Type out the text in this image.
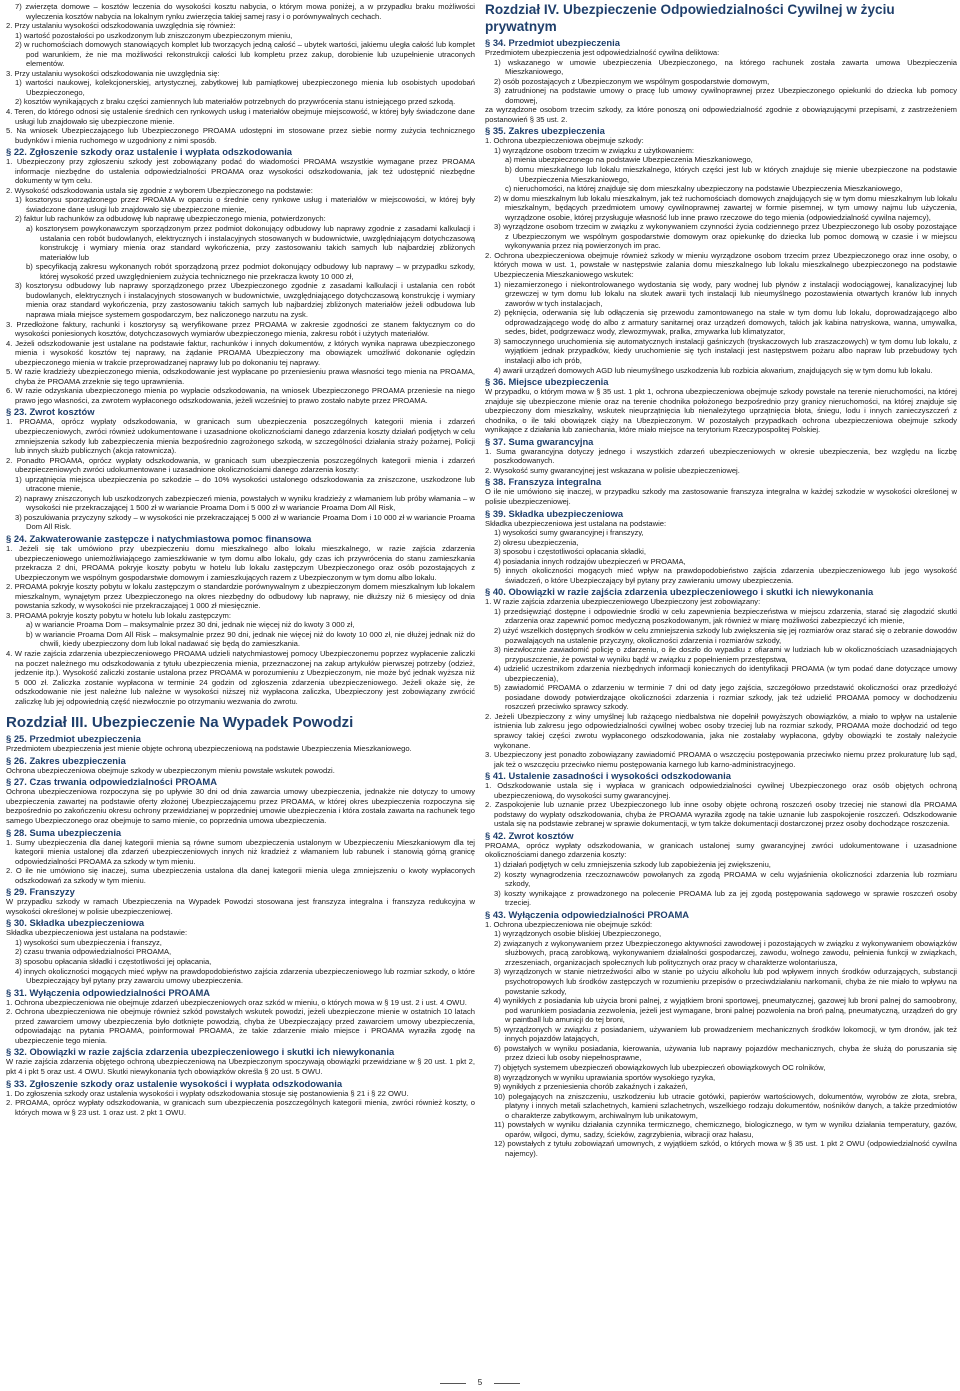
7) zwierzęta domowe – kosztów leczenia do wysokości kosztu nabycia, o którym mowa poniżej, a w przypadku braku możliwości wyleczenia kosztów nabycia na lokalnym rynku zwierzęcia takiej samej rasy i o porównywalnych cechach.

2. Przy ustalaniu wysokości odszkodowania uwzględnia się również:

1) wartość pozostałości po uszkodzonym lub zniszczonym ubezpieczonym mieniu,

2) w ruchomościach domowych stanowiących komplet lub tworzących jedną całość – ubytek wartości, jakiemu uległa całość lub komplet pod warunkiem, że nie ma możliwości rekonstrukcji całości lub kompletu przez zakup, dorobienie lub uzupełnienie utraconych elementów.

3. Przy ustalaniu wysokości odszkodowania nie uwzględnia się:

1) wartości naukowej, kolekcjonerskiej, artystycznej, zabytkowej lub pamiątkowej ubezpieczonego mienia lub osobistych upodobań Ubezpieczonego,

2) kosztów wynikających z braku części zamiennych lub materiałów potrzebnych do przywrócenia stanu istniejącego przed szkodą.

4. Teren, do którego odnosi się ustalenie średnich cen rynkowych usług i materiałów obejmuje miejscowość, w której były świadczone dane usługi lub znajdowało się ubezpieczone mienie.

5. Na wniosek Ubezpieczającego lub Ubezpieczonego PROAMA udostępni im stosowane przez siebie normy zużycia technicznego budynków i mienia ruchomego w uzgodniony z nimi sposób.

§ 22. Zgłoszenie szkody oraz ustalenie i wypłata odszkodowania

1. Ubezpieczony przy zgłoszeniu szkody jest zobowiązany podać do wiadomości PROAMA wszystkie wymagane przez PROAMA informacje niezbędne do ustalenia odpowiedzialności PROAMA oraz wysokości odszkodowania, jak też udostępnić niezbędne dokumenty w tym celu.

2. Wysokość odszkodowania ustala się zgodnie z wyborem Ubezpieczonego na podstawie:

1) kosztorysu sporządzonego przez PROAMA w oparciu o średnie ceny rynkowe usług i materiałów w miejscowości, w której były świadczone dane usługi lub znajdowało się ubezpieczone mienie,

2) faktur lub rachunków za odbudowę lub naprawę ubezpieczonego mienia, potwierdzonych:

a) kosztorysem powykonawczym sporządzonym przez podmiot dokonujący odbudowy lub naprawy zgodnie z zasadami kalkulacji i ustalania cen robót budowlanych, elektrycznych i instalacyjnych stosowanych w budownictwie, uwzględniającym dotychczasową konstrukcję i wymiary mienia oraz standard wykończenia, przy zastosowaniu takich samych lub najbardziej zbliżonych materiałów lub

b) specyfikacją zakresu wykonanych robót sporządzoną przez podmiot dokonujący odbudowy lub naprawy – w przypadku szkody, której wysokość przed uwzględnieniem zużycia technicznego nie przekracza kwoty 10 000 zł,

3) kosztorysu odbudowy lub naprawy sporządzonego przez Ubezpieczonego zgodnie z zasadami kalkulacji i ustalania cen robót budowlanych, elektrycznych i instalacyjnych stosowanych w budownictwie, uwzględniającego dotychczasową konstrukcję i wymiary mienia oraz standard wykończenia, przy zastosowaniu takich samych lub najbardziej zbliżonych materiałów jeżeli odbudowa lub naprawa miała miejsce systemem gospodarczym, bez naliczonego narzutu na zysk.

3. Przedłożone faktury, rachunki i kosztorysy są weryfikowane przez PROAMA w zakresie zgodności ze stanem faktycznym co do wysokości poniesionych kosztów, dotychczasowych wymiarów ubezpieczonego mienia, zakresu robót i użytych materiałów.

4. Jeżeli odszkodowanie jest ustalane na podstawie faktur, rachunków i innych dokumentów, z których wynika naprawa ubezpieczonego mienia i wysokość kosztów tej naprawy, na żądanie PROAMA Ubezpieczony ma obowiązek umożliwić dokonanie oględzin ubezpieczonego mienia w trakcie przeprowadzanej naprawy lub po dokonaniu tej naprawy.

5. W razie kradzieży ubezpieczonego mienia, odszkodowanie jest wypłacane po przeniesieniu prawa własności tego mienia na PROAMA, chyba że PROAMA zrzeknie się tego uprawnienia.

6. W razie odzyskania ubezpieczonego mienia po wypłacie odszkodowania, na wniosek Ubezpieczonego PROAMA przeniesie na niego prawo jego własności, za zwrotem wypłaconego odszkodowania, jeżeli wcześniej to prawo zostało nabyte przez PROAMA.

§ 23. Zwrot kosztów

1. PROAMA, oprócz wypłaty odszkodowania, w granicach sum ubezpieczenia poszczególnych kategorii mienia i zdarzeń ubezpieczeniowych, zwróci również udokumentowane i uzasadnione okolicznościami danego zdarzenia koszty działań podjętych w celu zmniejszenia szkody lub zabezpieczenia mienia bezpośrednio zagrożonego szkodą, w szczególności działania straży pożarnej, Policji lub innych służb publicznych (akcja ratownicza).

2. Ponadto PROAMA, oprócz wypłaty odszkodowania, w granicach sum ubezpieczenia poszczególnych kategorii mienia i zdarzeń ubezpieczeniowych zwróci udokumentowane i uzasadnione okolicznościami danego zdarzenia koszty:

1) uprzątnięcia miejsca ubezpieczenia po szkodzie – do 10% wysokości ustalonego odszkodowania za zniszczone, uszkodzone lub utracone mienie,

2) naprawy zniszczonych lub uszkodzonych zabezpieczeń mienia, powstałych w wyniku kradzieży z włamaniem lub próby włamania – w wysokości nie przekraczającej 1 500 zł w wariancie Proama Dom i 5 000 zł w wariancie Proama Dom All Risk,

3) poszukiwania przyczyny szkody – w wysokości nie przekraczającej 5 000 zł w wariancie Proama Dom i 10 000 zł w wariancie Proama Dom All Risk.

§ 24. Zakwaterowanie zastępcze i natychmiastowa pomoc finansowa

1. Jeżeli się tak umówiono przy ubezpieczeniu domu mieszkalnego albo lokalu mieszkalnego, w razie zajścia zdarzenia ubezpieczeniowego uniemożliwiającego zamieszkiwanie w tym domu albo lokalu, gdy czas ich przywrócenia do stanu zamieszkania przekracza 2 dni, PROAMA pokryje koszty pobytu w hotelu lub lokalu zastępczym Ubezpieczonego oraz osób pozostających z Ubezpieczonym we wspólnym gospodarstwie domowym i zamieszkujących razem z Ubezpieczonym w tym domu albo lokalu.

2. PROAMA pokryje koszty pobytu w lokalu zastępczym o standardzie porównywalnym z ubezpieczonym domem mieszkalnym lub lokalem mieszkalnym, wynajętym przez Ubezpieczonego na okres niezbędny do odbudowy lub naprawy, nie dłuższy niż 6 miesięcy od dnia powstania szkody, w wysokości nie przekraczającej 1 000 zł miesięcznie.

3. PROAMA pokryje koszty pobytu w hotelu lub lokalu zastępczym:

a) w wariancie Proama Dom – maksymalnie przez 30 dni, jednak nie więcej niż do kwoty 3 000 zł,

b) w wariancie Proama Dom All Risk – maksymalnie przez 90 dni, jednak nie więcej niż do kwoty 10 000 zł, nie dłużej jednak niż do chwili, kiedy ubezpieczony dom lub lokal nadawać się będą do zamieszkania.

4. W razie zajścia zdarzenia ubezpieczeniowego PROAMA udzieli natychmiastowej pomocy Ubezpieczonemu poprzez wypłacenie zaliczki na poczet należnego mu odszkodowania z tytułu ubezpieczenia mienia, przeznaczonej na zakup artykułów pierwszej potrzeby (odzież, jedzenie itp.). Wysokość zaliczki zostanie ustalona przez PROAMA w porozumieniu z Ubezpieczonym, nie może być jednak wyższa niż 5 000 zł. Zaliczka zostanie wypłacona w terminie 24 godzin od zgłoszenia zdarzenia ubezpieczeniowego. Jeżeli okaże się, że odszkodowanie nie jest należne lub należne w wysokości niższej niż wypłacona zaliczka, Ubezpieczony jest zobowiązany zwrócić zaliczkę lub jej odpowiednią część niezwłocznie po otrzymaniu wezwania do zwrotu.

Rozdział III. Ubezpieczenie Na Wypadek Powodzi
§ 25. Przedmiot ubezpieczenia

Przedmiotem ubezpieczenia jest mienie objęte ochroną ubezpieczeniową na podstawie Ubezpieczenia Mieszkaniowego.

§ 26. Zakres ubezpieczenia

Ochrona ubezpieczeniowa obejmuje szkody w ubezpieczonym mieniu powstałe wskutek powodzi.

§ 27. Czas trwania odpowiedzialności PROAMA

Ochrona ubezpieczeniowa rozpoczyna się po upływie 30 dni od dnia zawarcia umowy ubezpieczenia, jednakże nie dotyczy to umowy ubezpieczenia zawartej na podstawie oferty złożonej Ubezpieczającemu przez PROAMA, w której okres ubezpieczenia rozpoczyna się bezpośrednio po zakończeniu okresu ochrony przewidzianej w poprzedniej umowie ubezpieczenia i która została zawarta na rachunek tego samego Ubezpieczonego oraz obejmuje to samo mienie, co poprzednia umowa ubezpieczenia.

§ 28. Suma ubezpieczenia

1. Sumy ubezpieczenia dla danej kategorii mienia są równe sumom ubezpieczenia ustalonym w Ubezpieczeniu Mieszkaniowym dla tej kategorii mienia ustalonej dla zdarzeń ubezpieczeniowych innych niż kradzież z włamaniem lub rabunek i stanowią górną granicę odpowiedzialności PROAMA za szkody w tym mieniu.

2. O ile nie umówiono się inaczej, suma ubezpieczenia ustalona dla danej kategorii mienia ulega zmniejszeniu o kwoty wypłaconych odszkodowań za szkody w tym mieniu.

§ 29. Franszyzy

W przypadku szkody w ramach Ubezpieczenia na Wypadek Powodzi stosowana jest franszyza integralna i franszyza redukcyjna w wysokości określonej w polisie ubezpieczeniowej.

§ 30. Składka ubezpieczeniowa

Składka ubezpieczeniowa jest ustalana na podstawie:

1) wysokości sum ubezpieczenia i franszyz,

2) czasu trwania odpowiedzialności PROAMA,

3) sposobu opłacania składki i częstotliwości jej opłacania,

4) innych okoliczności mogących mieć wpływ na prawdopodobieństwo zajścia zdarzenia ubezpieczeniowego lub rozmiar szkody, o które Ubezpieczający był pytany przy zawarciu umowy ubezpieczenia.

§ 31. Wyłączenia odpowiedzialności PROAMA

1. Ochrona ubezpieczeniowa nie obejmuje zdarzeń ubezpieczeniowych oraz szkód w mieniu, o których mowa w § 19 ust. 2 i ust. 4 OWU.

2. Ochrona ubezpieczeniowa nie obejmuje również szkód powstałych wskutek powodzi, jeżeli ubezpieczone mienie w ostatnich 10 latach przed zawarciem umowy ubezpieczenia było dotknięte powodzią, chyba że Ubezpieczający przed zawarciem umowy ubezpieczenia, odpowiadając na pytania PROAMA, poinformował PROAMA, że takie zdarzenie miało miejsce i PROAMA wyraziła zgodę na ubezpieczenie tego mienia.

§ 32. Obowiązki w razie zajścia zdarzenia ubezpieczeniowego i skutki ich niewykonania

W razie zajścia zdarzenia objętego ochroną ubezpieczeniową na Ubezpieczonym spoczywają obowiązki przewidziane w § 20 ust. 1 pkt 2, pkt 4 i pkt 5 oraz ust. 4 OWU. Skutki niewykonania tych obowiązków określa § 20 ust. 5 OWU.

§ 33. Zgłoszenie szkody oraz ustalenie wysokości i wypłata odszkodowania

1. Do zgłoszenia szkody oraz ustalenia wysokości i wypłaty odszkodowania stosuje się postanowienia § 21 i § 22 OWU.

2. PROAMA, oprócz wypłaty odszkodowania, w granicach sum ubezpieczenia poszczególnych kategorii mienia, zwróci również koszty, o których mowa w § 23 ust. 1 oraz ust. 2 pkt 1 OWU.

Rozdział IV. Ubezpieczenie Odpowiedzialności Cywilnej w życiu prywatnym
§ 34. Przedmiot ubezpieczenia

Przedmiotem ubezpieczenia jest odpowiedzialność cywilna deliktowa:

1) wskazanego w umowie ubezpieczenia Ubezpieczonego, na którego rachunek została zawarta umowa Ubezpieczenia Mieszkaniowego,

2) osób pozostających z Ubezpieczonym we wspólnym gospodarstwie domowym,

3) zatrudnionej na podstawie umowy o pracę lub umowy cywilnoprawnej przez Ubezpieczonego opiekunki do dziecka lub pomocy domowej,

za wyrządzone osobom trzecim szkody, za które ponoszą oni odpowiedzialność zgodnie z obowiązującymi przepisami, z zastrzeżeniem postanowień § 35 ust. 2.

§ 35. Zakres ubezpieczenia

1. Ochrona ubezpieczeniowa obejmuje szkody:

1) wyrządzone osobom trzecim w związku z użytkowaniem:

a) mienia ubezpieczonego na podstawie Ubezpieczenia Mieszkaniowego,

b) domu mieszkalnego lub lokalu mieszkalnego, których części jest lub w których znajduje się mienie ubezpieczone na podstawie Ubezpieczenia Mieszkaniowego,

c) nieruchomości, na której znajduje się dom mieszkalny ubezpieczony na podstawie Ubezpieczenia Mieszkaniowego,

2) w domu mieszkalnym lub lokalu mieszkalnym, jak też ruchomościach domowych znajdujących się w tym domu mieszkalnym lub lokalu mieszkalnym, będących przedmiotem umowy cywilnoprawnej zawartej w formie pisemnej, w tym umowy najmu lub użyczenia, wyrządzone osobie, której przysługuje własność lub inne prawo rzeczowe do tego mienia (odpowiedzialność cywilna najemcy),

3) wyrządzone osobom trzecim w związku z wykonywaniem czynności życia codziennego przez Ubezpieczonego lub osoby pozostające z Ubezpieczonym we wspólnym gospodarstwie domowym oraz opiekunkę do dziecka lub pomoc domową w czasie i w miejscu wykonywania przez nią powierzonych im prac.

2. Ochrona ubezpieczeniowa obejmuje również szkody w mieniu wyrządzone osobom trzecim przez Ubezpieczonego oraz inne osoby, o których mowa w ust. 1, powstałe w następstwie zalania domu mieszkalnego lub lokalu mieszkalnego ubezpieczonego na podstawie Ubezpieczenia Mieszkaniowego wskutek:

1) niezamierzonego i niekontrolowanego wydostania się wody, pary wodnej lub płynów z instalacji wodociągowej, kanalizacyjnej lub grzewczej w tym domu lub lokalu na skutek awarii tych instalacji lub nieumyślnego pozostawienia otwartych kranów lub innych zaworów w tych instalacjach,

2) pęknięcia, oderwania się lub odłączenia się przewodu zamontowanego na stałe w tym domu lub lokalu, doprowadzającego albo odprowadzającego wodę do albo z armatury sanitarnej oraz urządzeń domowych, takich jak kabina natryskowa, wanna, umywalka, sedes, bidet, podgrzewacz wody, zlewozmywak, pralka, zmywarka lub klimatyzator,

3) samoczynnego uruchomienia się automatycznych instalacji gaśniczych (tryskaczowych lub zraszaczowych) w tym domu lub lokalu, z wyjątkiem jednak przypadków, kiedy uruchomienie się tych instalacji jest następstwem pożaru albo napraw lub przebudowy tych instalacji albo ich prób,

4) awarii urządzeń domowych AGD lub nieumyślnego uszkodzenia lub rozbicia akwarium, znajdujących się w tym domu lub lokalu.

§ 36. Miejsce ubezpieczenia

W przypadku, o którym mowa w § 35 ust. 1 pkt 1, ochrona ubezpieczeniowa obejmuje szkody powstałe na terenie nieruchomości, na której znajduje się ubezpieczone mienie oraz na terenie chodnika położonego bezpośrednio przy granicy nieruchomości, na której znajduje się ubezpieczony dom mieszkalny, wskutek nieuprzątnięcia lub nienależytego uprzątnięcia błota, śniegu, lodu i innych zanieczyszczeń z chodnika, o ile taki obowiązek ciąży na Ubezpieczonym. W pozostałych przypadkach ochrona ubezpieczeniowa obejmuje szkody wynikające z działania lub zaniechania, które miało miejsce na terytorium Rzeczypospolitej Polskiej.

§ 37. Suma gwarancyjna

1. Suma gwarancyjna dotyczy jednego i wszystkich zdarzeń ubezpieczeniowych w okresie ubezpieczenia, bez względu na liczbę poszkodowanych.

2. Wysokość sumy gwarancyjnej jest wskazana w polisie ubezpieczeniowej.

§ 38. Franszyza integralna

O ile nie umówiono się inaczej, w przypadku szkody ma zastosowanie franszyza integralna w każdej szkodzie w wysokości określonej w polisie ubezpieczeniowej.

§ 39. Składka ubezpieczeniowa

Składka ubezpieczeniowa jest ustalana na podstawie:

1) wysokości sumy gwarancyjnej i franszyzy,

2) okresu ubezpieczenia,

3) sposobu i częstotliwości opłacania składki,

4) posiadania innych rodzajów ubezpieczeń w PROAMA,

5) innych okoliczności mogących mieć wpływ na prawdopodobieństwo zajścia zdarzenia ubezpieczeniowego lub jego wysokość świadczeń, o które Ubezpieczający był pytany przy zawieraniu umowy ubezpieczenia.

§ 40. Obowiązki w razie zajścia zdarzenia ubezpieczeniowego i skutki ich niewykonania

1. W razie zajścia zdarzenia ubezpieczeniowego Ubezpieczony jest zobowiązany:

1) przedsięwziąć dostępne i odpowiednie środki w celu zapewnienia bezpieczeństwa w miejscu zdarzenia, starać się złagodzić skutki zdarzenia oraz zapewnić pomoc medyczną poszkodowanym, jak również w miarę możliwości zabezpieczyć ich mienie,

2) użyć wszelkich dostępnych środków w celu zmniejszenia szkody lub zwiększenia się jej rozmiarów oraz starać się o zebranie dowodów pozwalających na ustalenie przyczyny, okoliczności zdarzenia i rozmiarów szkody,

3) niezwłocznie zawiadomić policję o zdarzeniu, o ile doszło do wypadku z ofiarami w ludziach lub w okolicznościach uzasadniających przypuszczenie, że powstał w wyniku bądź w związku z popełnieniem przestępstwa,

4) udzielić uczestnikom zdarzenia niezbędnych informacji koniecznych do identyfikacji PROAMA (w tym podać dane dotyczące umowy ubezpieczenia),

5) zawiadomić PROAMA o zdarzeniu w terminie 7 dni od daty jego zajścia, szczegółowo przedstawić okoliczności oraz przedłożyć posiadane dowody potwierdzające okoliczności zdarzenia i rozmiar szkody, jak też udzielić PROAMA pomocy w dochodzeniu roszczeń przeciwko sprawcy szkody.

2. Jeżeli Ubezpieczony z winy umyślnej lub rażącego niedbalstwa nie dopełnił powyższych obowiązków, a miało to wpływ na ustalenie istnienia lub zakresu jego odpowiedzialności cywilnej wobec osoby trzeciej lub na rozmiar szkody, PROAMA może dochodzić od tego sprawcy takiej części zwrotu wypłaconego odszkodowania, jaka nie zostałaby wypłacona, gdyby obowiązki te zostały należycie wykonane.

3. Ubezpieczony jest ponadto zobowiązany zawiadomić PROAMA o wszczęciu postępowania przeciwko niemu przez prokuraturę lub sąd, jak też o wszczęciu przeciwko niemu postępowania karnego lub karno-administracyjnego.

§ 41. Ustalenie zasadności i wysokości odszkodowania

1. Odszkodowanie ustala się i wypłaca w granicach odpowiedzialności cywilnej Ubezpieczonego oraz osób objętych ochroną ubezpieczeniową, do wysokości sumy gwarancyjnej.

2. Zaspokojenie lub uznanie przez Ubezpieczonego lub inne osoby objęte ochroną roszczeń osoby trzeciej nie stanowi dla PROAMA podstawy do wypłaty odszkodowania, chyba że PROAMA wyraziła zgodę na takie uznanie lub zaspokojenie roszczeń. Odszkodowanie ustala się na podstawie zebranej w sprawie dokumentacji, w tym także dokumentacji dostarczonej przez osoby dochodzące roszczenia.

§ 42. Zwrot kosztów

PROAMA, oprócz wypłaty odszkodowania, w granicach ustalonej sumy gwarancyjnej zwróci udokumentowane i uzasadnione okolicznościami danego zdarzenia koszty:

1) działań podjętych w celu zmniejszenia szkody lub zapobieżenia jej zwiększeniu,

2) koszty wynagrodzenia rzeczoznawców powołanych za zgodą PROAMA w celu wyjaśnienia okoliczności zdarzenia lub rozmiaru szkody,

3) koszty wynikające z prowadzonego na polecenie PROAMA lub za jej zgodą postępowania sądowego w sprawie roszczeń osoby trzeciej.

§ 43. Wyłączenia odpowiedzialności PROAMA

1. Ochrona ubezpieczeniowa nie obejmuje szkód:

1) wyrządzonych osobie bliskiej Ubezpieczonego,

2) związanych z wykonywaniem przez Ubezpieczonego aktywności zawodowej i pozostających w związku z wykonywaniem obowiązków służbowych, pracą zarobkową, wykonywaniem działalności gospodarczej, zawodu, wolnego zawodu, pełnienia funkcji w związkach, zrzeszeniach, organizacjach społecznych lub politycznych oraz pracy w charakterze wolontariusza,

3) wyrządzonych w stanie nietrzeźwości albo w stanie po użyciu alkoholu lub pod wpływem innych środków odurzających, substancji psychotropowych lub środków zastępczych w rozumieniu przepisów o przeciwdziałaniu narkomanii, chyba że nie miało to wpływu na powstanie szkody,

4) wynikłych z posiadania lub użycia broni palnej, z wyjątkiem broni sportowej, pneumatycznej, gazowej lub broni palnej do samoobrony, pod warunkiem posiadania zezwolenia, jeżeli jest wymagane, broni palnej pozwolenia na broń palną, pneumatyczną, urządzeń do gry w paintball lub amunicji do tej broni,

5) wyrządzonych w związku z posiadaniem, używaniem lub prowadzeniem mechanicznych środków lokomocji, w tym dronów, jak też innych pojazdów latających,

6) powstałych w wyniku posiadania, kierowania, używania lub naprawy pojazdów mechanicznych, chyba że służą do poruszania się przez dzieci lub osoby niepełnosprawne,

7) objętych systemem ubezpieczeń obowiązkowych lub ubezpieczeń obowiązkowych OC rolników,

8) wyrządzonych w wyniku uprawiania sportów wysokiego ryzyka,

9) wynikłych z przeniesienia chorób zakaźnych i zakażeń,

10) polegających na zniszczeniu, uszkodzeniu lub utracie gotówki, papierów wartościowych, dokumentów, wyrobów ze złota, srebra, platyny i innych metali szlachetnych, kamieni szlachetnych, wszelkiego rodzaju dokumentów, nośników danych, a także przedmiotów o charakterze zabytkowym, archiwalnym lub unikatowym,

11) powstałych w wyniku działania czynnika termicznego, chemicznego, biologicznego, w tym w wyniku działania temperatury, gazów, oparów, wilgoci, dymu, sadzy, ścieków, zagrzybienia, wibracji oraz hałasu,

12) powstałych z tytułu zobowiązań umownych, z wyjątkiem szkód, o których mowa w § 35 ust. 1 pkt 2 OWU (odpowiedzialność cywilna najemcy).

5
